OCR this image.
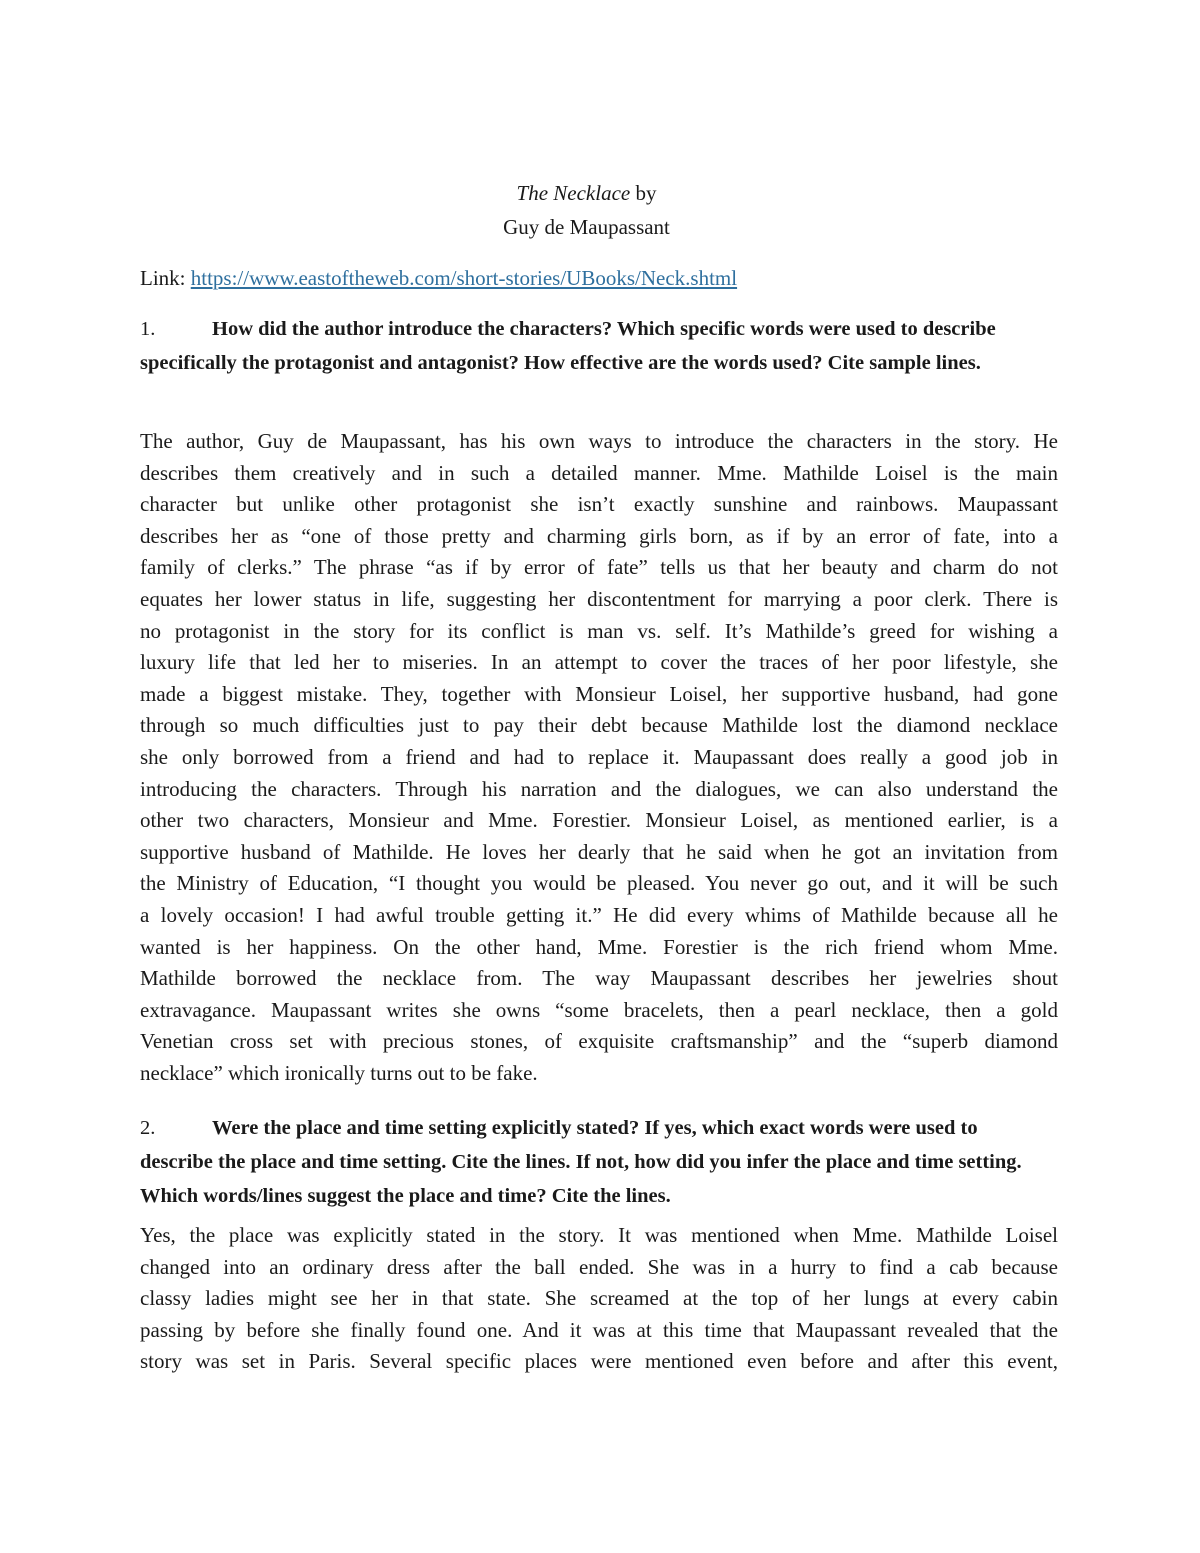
The Necklace by
Guy de Maupassant
Link: https://www.eastoftheweb.com/short-stories/UBooks/Neck.shtml
1.	How did the author introduce the characters? Which specific words were used to describe specifically the protagonist and antagonist? How effective are the words used? Cite sample lines.
The author, Guy de Maupassant, has his own ways to introduce the characters in the story. He
describes them creatively and in such a detailed manner. Mme. Mathilde Loisel is the main
character but unlike other protagonist she isn’t exactly sunshine and rainbows. Maupassant
describes her as “one of those pretty and charming girls born, as if by an error of fate, into a
family of clerks.” The phrase “as if by error of fate” tells us that her beauty and charm do not
equates her lower status in life, suggesting her discontentment for marrying a poor clerk. There is
no protagonist in the story for its conflict is man vs. self. It’s Mathilde’s greed for wishing a
luxury life that led her to miseries. In an attempt to cover the traces of her poor lifestyle, she
made a biggest mistake. They, together with Monsieur Loisel, her supportive husband, had gone
through so much difficulties just to pay their debt because Mathilde lost the diamond necklace
she only borrowed from a friend and had to replace it. Maupassant does really a good job in
introducing the characters. Through his narration and the dialogues, we can also understand the
other two characters, Monsieur and Mme. Forestier. Monsieur Loisel, as mentioned earlier, is a
supportive husband of Mathilde. He loves her dearly that he said when he got an invitation from
the Ministry of Education, “I thought you would be pleased. You never go out, and it will be such
a lovely occasion! I had awful trouble getting it.” He did every whims of Mathilde because all he
wanted is her happiness. On the other hand, Mme. Forestier is the rich friend whom Mme.
Mathilde borrowed the necklace from. The way Maupassant describes her jewelries shout
extravagance. Maupassant writes she owns “some bracelets, then a pearl necklace, then a gold
Venetian cross set with precious stones, of exquisite craftsmanship” and the “superb diamond
necklace” which ironically turns out to be fake.
2.	Were the place and time setting explicitly stated? If yes, which exact words were used to describe the place and time setting. Cite the lines. If not, how did you infer the place and time setting. Which words/lines suggest the place and time? Cite the lines.
Yes, the place was explicitly stated in the story. It was mentioned when Mme. Mathilde Loisel
changed into an ordinary dress after the ball ended. She was in a hurry to find a cab because
classy ladies might see her in that state. She screamed at the top of her lungs at every cabin
passing by before she finally found one. And it was at this time that Maupassant revealed that the
story was set in Paris. Several specific places were mentioned even before and after this event,
